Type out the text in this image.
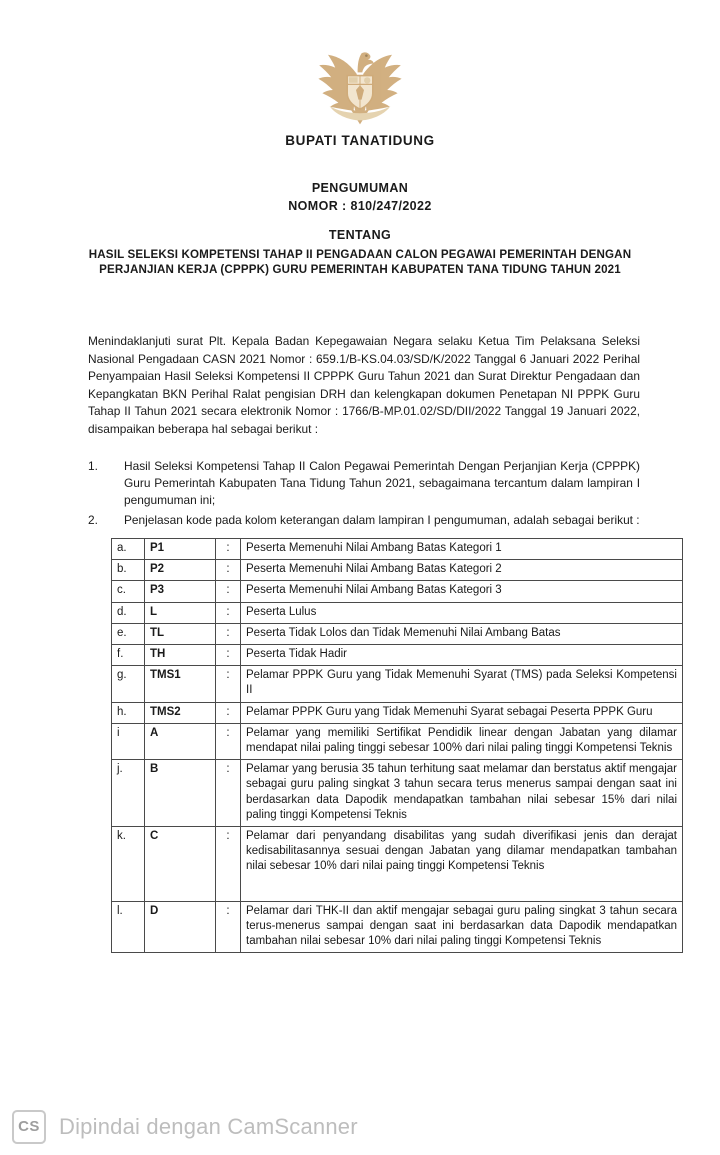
BUPATI TANATIDUNG
PENGUMUMAN
NOMOR : 810/247/2022
TENTANG
HASIL SELEKSI KOMPETENSI TAHAP II PENGADAAN CALON PEGAWAI PEMERINTAH DENGAN PERJANJIAN KERJA (CPPPK) GURU PEMERINTAH KABUPATEN TANA TIDUNG TAHUN 2021
Menindaklanjuti surat Plt. Kepala Badan Kepegawaian Negara selaku Ketua Tim Pelaksana Seleksi Nasional Pengadaan CASN 2021 Nomor : 659.1/B-KS.04.03/SD/K/2022 Tanggal 6 Januari 2022 Perihal Penyampaian Hasil Seleksi Kompetensi II CPPPK Guru Tahun 2021 dan Surat Direktur Pengadaan dan Kepangkatan BKN Perihal Ralat pengisian DRH dan kelengkapan dokumen Penetapan NI PPPK Guru Tahap II Tahun 2021 secara elektronik Nomor : 1766/B-MP.01.02/SD/DII/2022 Tanggal 19 Januari 2022, disampaikan beberapa hal sebagai berikut :
1.	Hasil Seleksi Kompetensi Tahap II Calon Pegawai Pemerintah Dengan Perjanjian Kerja (CPPPK) Guru Pemerintah Kabupaten Tana Tidung Tahun 2021, sebagaimana tercantum dalam lampiran I pengumuman ini;
2.	Penjelasan kode pada kolom keterangan dalam lampiran I pengumuman, adalah sebagai berikut :
a.	P1	:	Peserta Memenuhi Nilai Ambang Batas Kategori 1
b.	P2	:	Peserta Memenuhi Nilai Ambang Batas Kategori 2
c.	P3	:	Peserta Memenuhi Nilai Ambang Batas Kategori 3
d.	L	:	Peserta Lulus
e.	TL	:	Peserta Tidak Lolos dan Tidak Memenuhi Nilai Ambang Batas
f.	TH	:	Peserta Tidak Hadir
g.	TMS1	:	Pelamar PPPK Guru yang Tidak Memenuhi Syarat (TMS) pada Seleksi Kompetensi II
h.	TMS2	:	Pelamar PPPK Guru yang Tidak Memenuhi Syarat sebagai Peserta PPPK Guru
i	A	:	Pelamar yang memiliki Sertifikat Pendidik linear dengan Jabatan yang dilamar mendapat nilai paling tinggi sebesar 100% dari nilai paling tinggi Kompetensi Teknis
j.	B	:	Pelamar yang berusia 35 tahun terhitung saat melamar dan berstatus aktif mengajar sebagai guru paling singkat 3 tahun secara terus menerus sampai dengan saat ini berdasarkan data Dapodik mendapatkan tambahan nilai sebesar 15% dari nilai paling tinggi Kompetensi Teknis
k.	C	:	Pelamar dari penyandang disabilitas yang sudah diverifikasi jenis dan derajat kedisabilitasannya sesuai dengan Jabatan yang dilamar mendapatkan tambahan nilai sebesar 10% dari nilai paing tinggi Kompetensi Teknis
l.	D	:	Pelamar dari THK-II dan aktif mengajar sebagai guru paling singkat 3 tahun secara terus-menerus sampai dengan saat ini berdasarkan data Dapodik mendapatkan tambahan nilai sebesar 10% dari nilai paling tinggi Kompetensi Teknis
CS Dipindai dengan CamScanner
